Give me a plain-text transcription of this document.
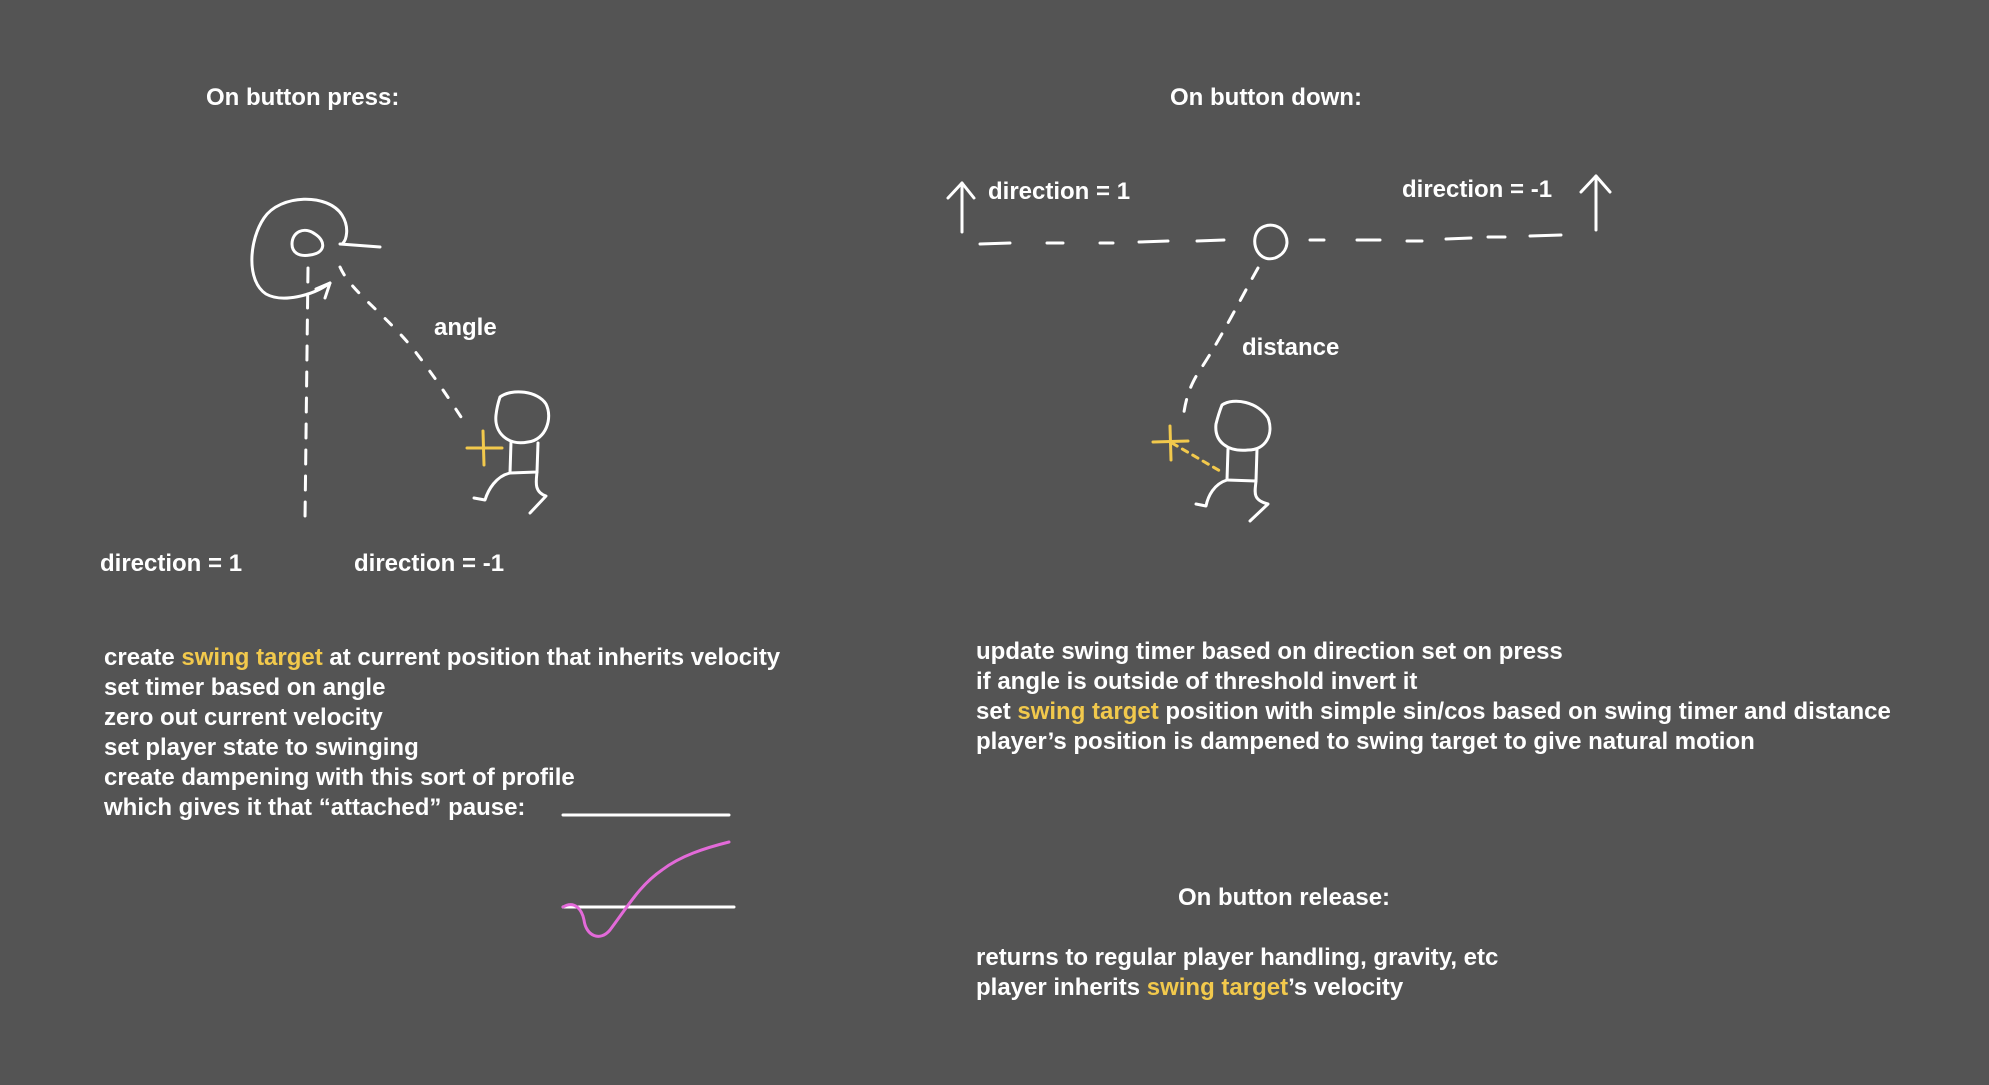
On button press:
angle
direction = 1	direction = -1
On button down:
direction = 1	direction = -1
distance
create swing target at current position that inherits velocity
set timer based on angle
zero out current velocity
set player state to swinging
create dampening with this sort of profile
which gives it that “attached” pause:
update swing timer based on direction set on press
if angle is outside of threshold invert it
set swing target position with simple sin/cos based on swing timer and distance
player’s position is dampened to swing target to give natural motion
On button release:
returns to regular player handling, gravity, etc
player inherits swing target’s velocity
